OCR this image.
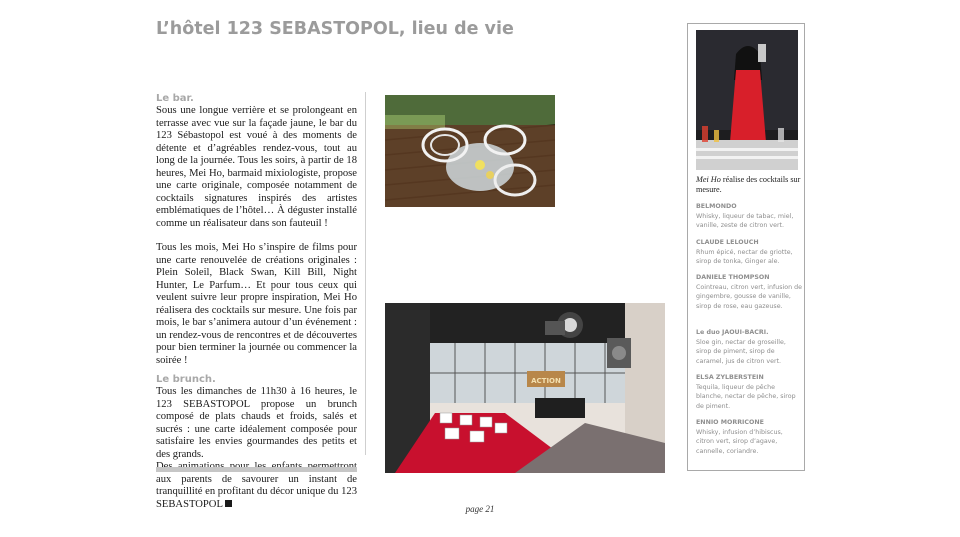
L’hôtel 123 SEBASTOPOL, lieu de vie
Le bar.

Sous une longue verrière et se prolongeant en terrasse avec vue sur la façade jaune, le bar du 123 Sébastopol est voué à des moments de détente et d’agréables rendez-vous, tout au long de la journée. Tous les soirs, à partir de 18 heures, Mei Ho, barmaid mixiologiste, propose une carte originale, composée notamment de cocktails signatures inspirés des artistes emblématiques de l’hôtel… À déguster installé comme un réalisateur dans son fauteuil !

Tous les mois, Mei Ho s’inspire de films pour une carte renouvelée de créations originales : Plein Soleil, Black Swan, Kill Bill, Night Hunter, Le Parfum… Et pour tous ceux qui veulent suivre leur propre inspiration, Mei Ho réalisera des cocktails sur mesure. Une fois par mois, le bar s’animera autour d’un événement : un rendez-vous de rencontres et de découvertes pour bien terminer la journée ou commencer la soirée !

Le brunch.

Tous les dimanches de 11h30 à 16 heures, le 123 SEBASTOPOL propose un brunch composé de plats chauds et froids, salés et sucrés : une carte idéalement composée pour satisfaire les envies gourmandes des petits et des grands.

aux parents de savourer un instant de tranquillité en profitant du décor unique du 123 SEBASTOPOL

ACTION
Mei Ho réalise des cocktails sur mesure.
BELMONDO
Whisky, liqueur de tabac, miel, vanille, zeste de citron vert.
CLAUDE LELOUCH
Rhum épicé, nectar de griotte, sirop de tonka, Ginger ale.
DANIELE THOMPSON
Cointreau, citron vert, infusion de gingembre, gousse de vanille, sirop de rose, eau gazeuse.
Le duo JAOUI-BACRI.
Sloe gin, nectar de groseille, sirop de piment, sirop de caramel, jus de citron vert.
ELSA ZYLBERSTEIN
Tequila, liqueur de pêche blanche, nectar de pêche, sirop de piment.
ENNIO MORRICONE
Whisky, infusion d’hibiscus, citron vert, sirop d’agave, cannelle, coriandre.
page 21
